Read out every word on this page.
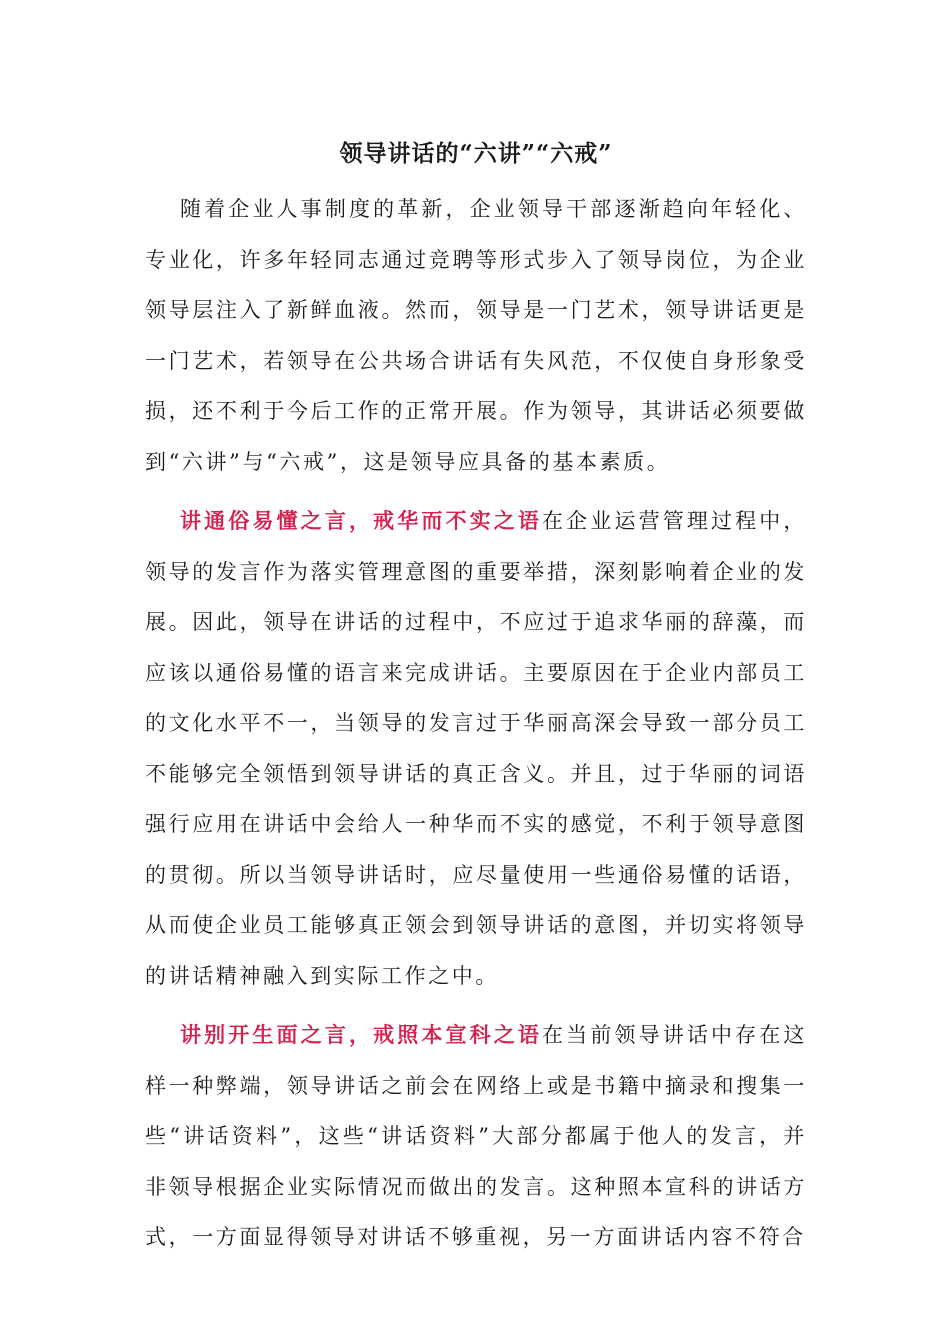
领导讲话的“六讲”“六戒”

随着企业人事制度的革新，企业领导干部逐渐趋向年轻化、专业化，许多年轻同志通过竞聘等形式步入了领导岗位，为企业领导层注入了新鲜血液。然而，领导是一门艺术，领导讲话更是一门艺术，若领导在公共场合讲话有失风范，不仅使自身形象受损，还不利于今后工作的正常开展。作为领导，其讲话必须要做到“六讲”与“六戒”，这是领导应具备的基本素质。

讲通俗易懂之言，戒华而不实之语在企业运营管理过程中，领导的发言作为落实管理意图的重要举措，深刻影响着企业的发展。因此，领导在讲话的过程中，不应过于追求华丽的辞藻，而应该以通俗易懂的语言来完成讲话。主要原因在于企业内部员工的文化水平不一，当领导的发言过于华丽高深会导致一部分员工不能够完全领悟到领导讲话的真正含义。并且，过于华丽的词语强行应用在讲话中会给人一种华而不实的感觉，不利于领导意图的贯彻。所以当领导讲话时，应尽量使用一些通俗易懂的话语，从而使企业员工能够真正领会到领导讲话的意图，并切实将领导的讲话精神融入到实际工作之中。

讲别开生面之言，戒照本宣科之语在当前领导讲话中存在这样一种弊端，领导讲话之前会在网络上或是书籍中摘录和搜集一些“讲话资料”，这些“讲话资料”大部分都属于他人的发言，并非领导根据企业实际情况而做出的发言。这种照本宣科的讲话方式，一方面显得领导对讲话不够重视，另一方面讲话内容不符合
